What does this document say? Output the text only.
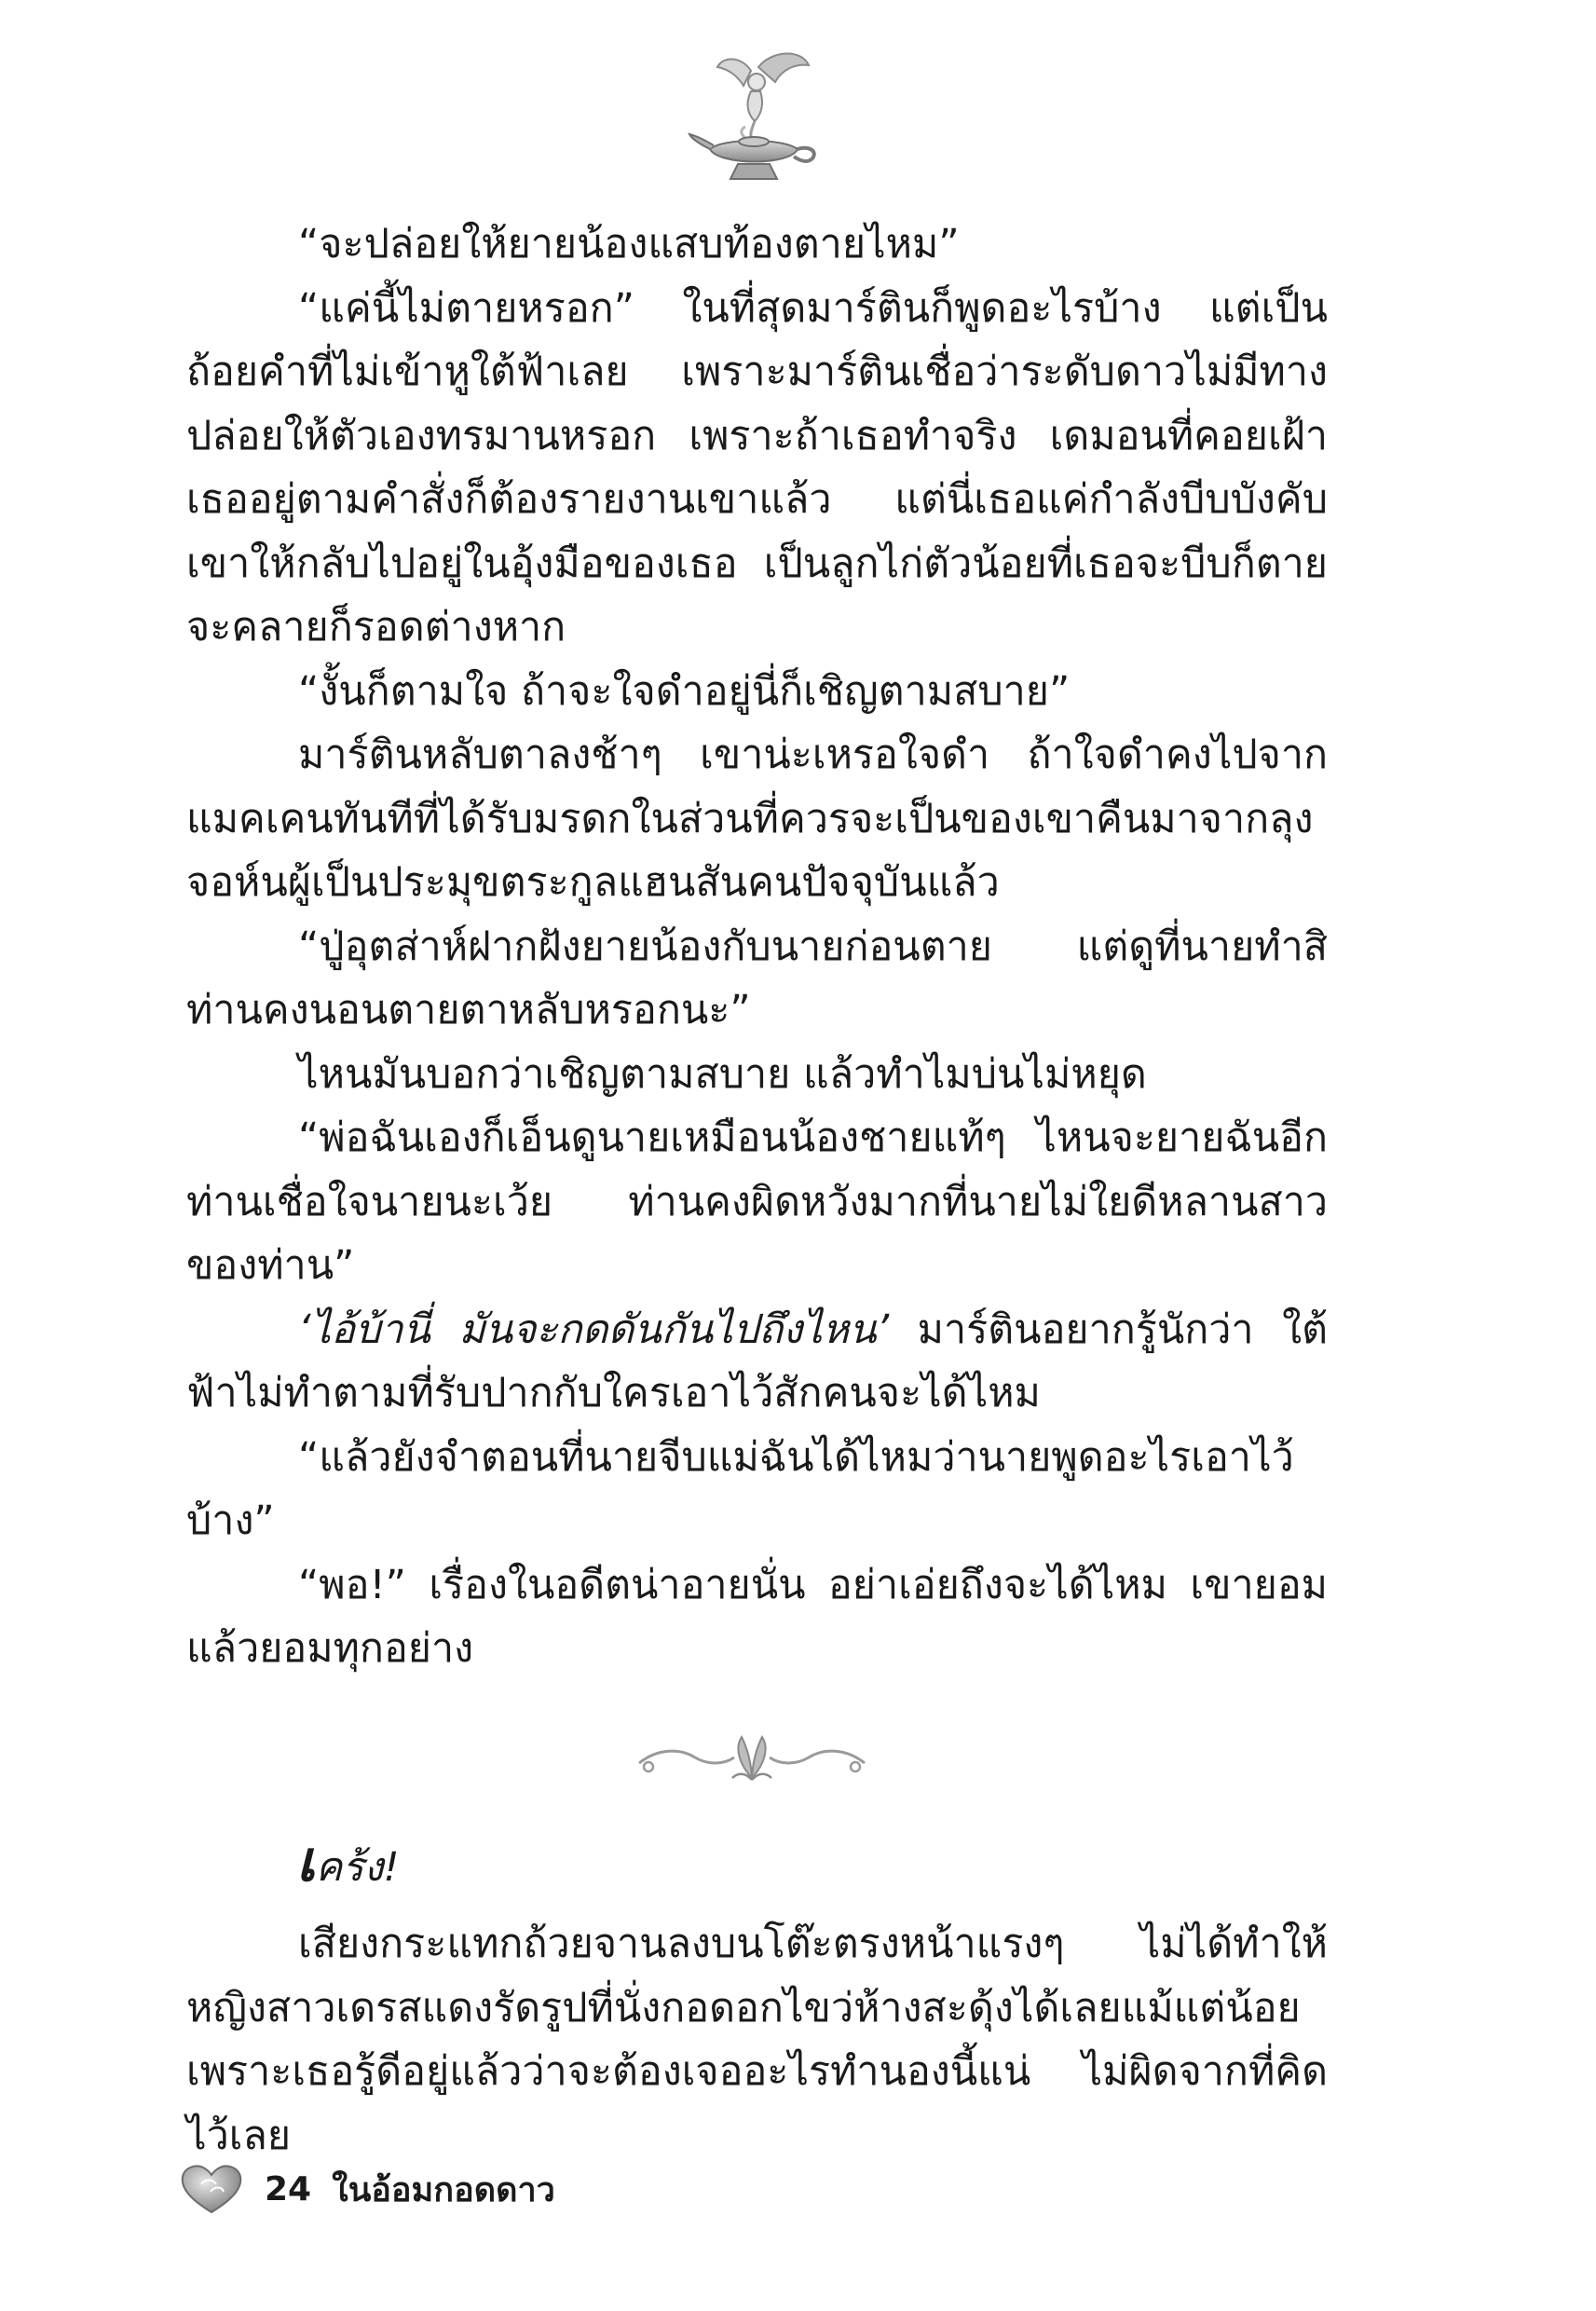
“จะปล่อยให้ยายน้องแสบท้องตายไหม”

“แค่นี้ไม่ตายหรอก” ในที่สุดมาร์ตินก็พูดอะไรบ้าง แต่เป็นถ้อยคำที่ไม่เข้าหูใต้ฟ้าเลย เพราะมาร์ตินเชื่อว่าระดับดาวไม่มีทางปล่อยให้ตัวเองทรมานหรอก เพราะถ้าเธอทำจริง เดมอนที่คอยเฝ้าเธออยู่ตามคำสั่งก็ต้องรายงานเขาแล้ว แต่นี่เธอแค่กำลังบีบบังคับเขาให้กลับไปอยู่ในอุ้งมือของเธอ เป็นลูกไก่ตัวน้อยที่เธอจะบีบก็ตาย จะคลายก็รอดต่างหาก

“งั้นก็ตามใจ ถ้าจะใจดำอยู่นี่ก็เชิญตามสบาย”

มาร์ตินหลับตาลงช้าๆ เขาน่ะเหรอใจดำ ถ้าใจดำคงไปจากแมคเคนทันทีที่ได้รับมรดกในส่วนที่ควรจะเป็นของเขาคืนมาจากลุงจอห์นผู้เป็นประมุขตระกูลแฮนสันคนปัจจุบันแล้ว

“ปู่อุตส่าห์ฝากฝังยายน้องกับนายก่อนตาย แต่ดูที่นายทำสิ ท่านคงนอนตายตาหลับหรอกนะ”

ไหนมันบอกว่าเชิญตามสบาย แล้วทำไมบ่นไม่หยุด

“พ่อฉันเองก็เอ็นดูนายเหมือนน้องชายแท้ๆ ไหนจะยายฉันอีก ท่านเชื่อใจนายนะเว้ย ท่านคงผิดหวังมากที่นายไม่ใยดีหลานสาวของท่าน”

‘ไอ้บ้านี่ มันจะกดดันกันไปถึงไหน’ มาร์ตินอยากรู้นักว่า ใต้ฟ้าไม่ทำตามที่รับปากกับใครเอาไว้สักคนจะได้ไหม

“แล้วยังจำตอนที่นายจีบแม่ฉันได้ไหมว่านายพูดอะไรเอาไว้บ้าง”

“พอ!” เรื่องในอดีตน่าอายนั่น อย่าเอ่ยถึงจะได้ไหม เขายอมแล้วยอมทุกอย่าง

เคร้ง!

เสียงกระแทกถ้วยจานลงบนโต๊ะตรงหน้าแรงๆ ไม่ได้ทำให้หญิงสาวเดรสแดงรัดรูปที่นั่งกอดอกไขว่ห้างสะดุ้งได้เลยแม้แต่น้อย เพราะเธอรู้ดีอยู่แล้วว่าจะต้องเจออะไรทำนองนี้แน่ ไม่ผิดจากที่คิดไว้เลย

24 ในอ้อมกอดดาว
